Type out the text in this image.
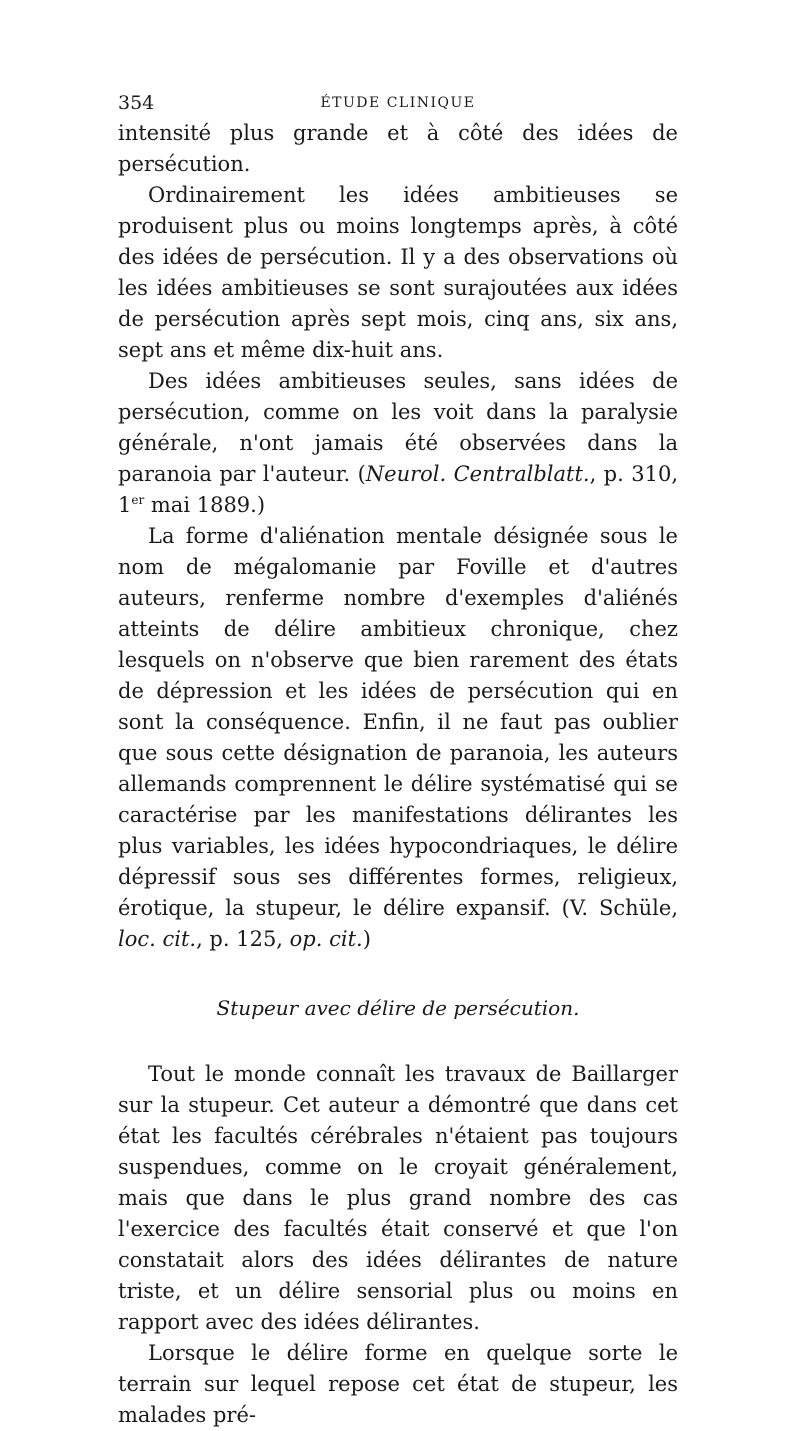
354	ÉTUDE CLINIQUE

intensité plus grande et à côté des idées de persécution.

Ordinairement les idées ambitieuses se produisent plus ou moins longtemps après, à côté des idées de persécution. Il y a des observations où les idées ambitieuses se sont surajoutées aux idées de persécution après sept mois, cinq ans, six ans, sept ans et même dix-huit ans.

Des idées ambitieuses seules, sans idées de persécution, comme on les voit dans la paralysie générale, n'ont jamais été observées dans la paranoia par l'auteur. (Neurol. Centralblatt., p. 310, 1er mai 1889.)

La forme d'aliénation mentale désignée sous le nom de mégalomanie par Foville et d'autres auteurs, renferme nombre d'exemples d'aliénés atteints de délire ambitieux chronique, chez lesquels on n'observe que bien rarement des états de dépression et les idées de persécution qui en sont la conséquence. Enfin, il ne faut pas oublier que sous cette désignation de paranoia, les auteurs allemands comprennent le délire systématisé qui se caractérise par les manifestations délirantes les plus variables, les idées hypocondriaques, le délire dépressif sous ses différentes formes, religieux, érotique, la stupeur, le délire expansif. (V. Schüle, loc. cit., p. 125, op. cit.)

Stupeur avec délire de persécution.

Tout le monde connaît les travaux de Baillarger sur la stupeur. Cet auteur a démontré que dans cet état les facultés cérébrales n'étaient pas toujours suspendues, comme on le croyait généralement, mais que dans le plus grand nombre des cas l'exercice des facultés était conservé et que l'on constatait alors des idées délirantes de nature triste, et un délire sensorial plus ou moins en rapport avec des idées délirantes.

Lorsque le délire forme en quelque sorte le terrain sur lequel repose cet état de stupeur, les malades pré-
